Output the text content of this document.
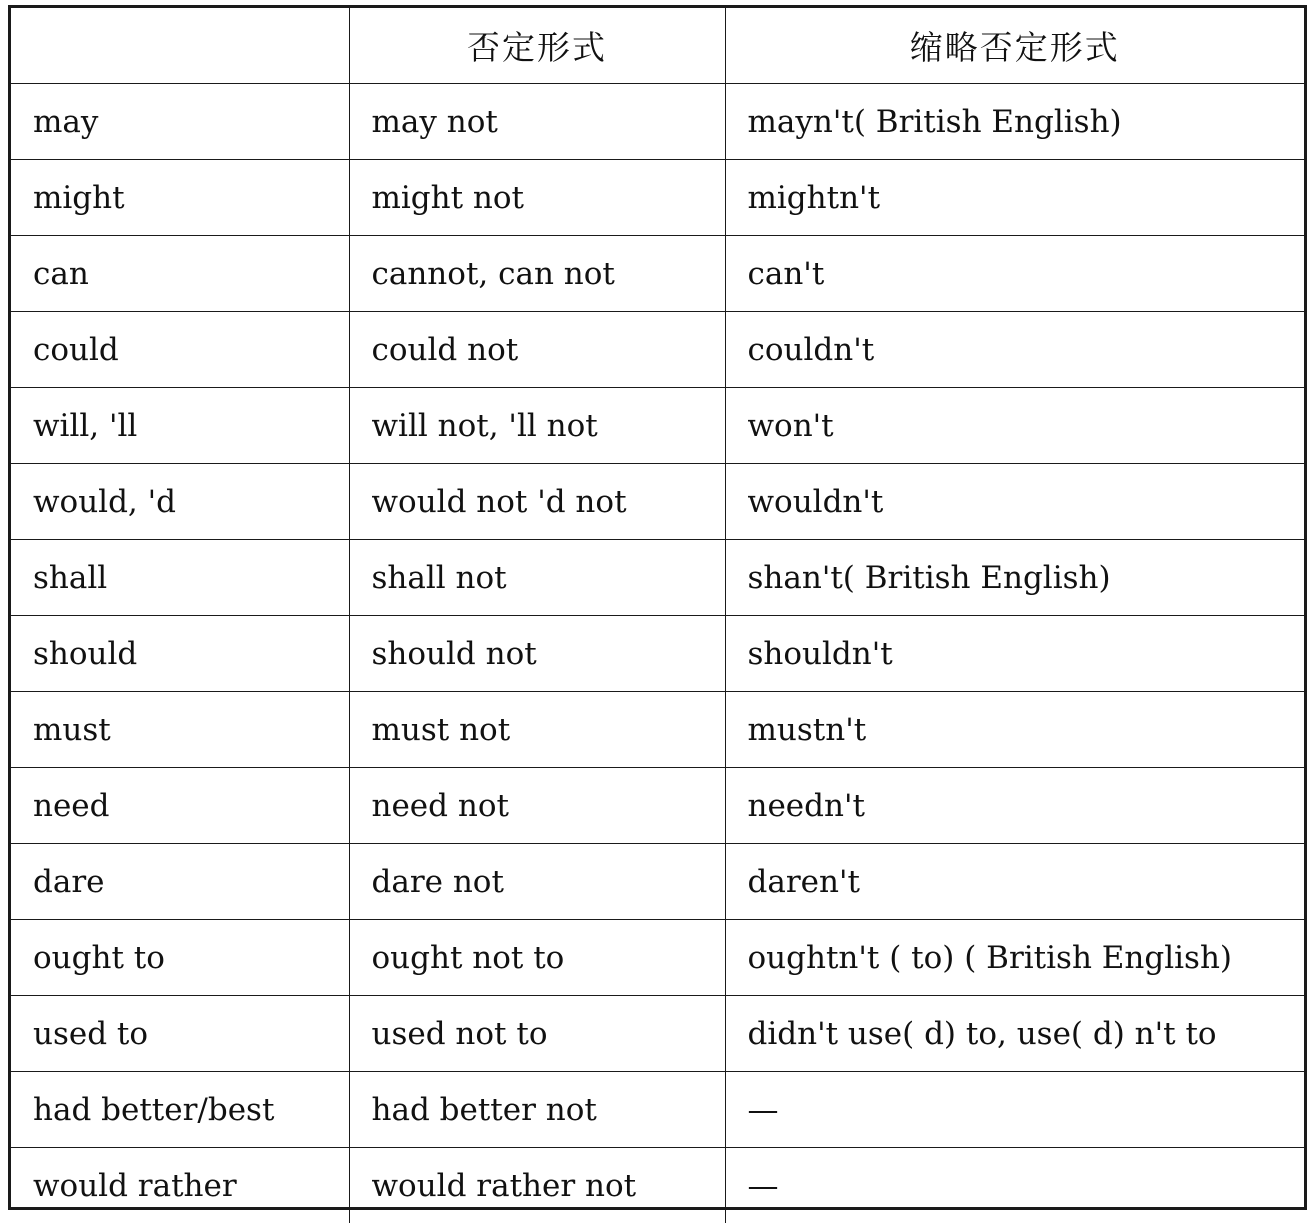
	否定形式	缩略否定形式
may	may not	mayn't( British English)
might	might not	mightn't
can	cannot, can not	can't
could	could not	couldn't
will, 'll	will not, 'll not	won't
would, 'd	would not 'd not	wouldn't
shall	shall not	shan't( British English)
should	should not	shouldn't
must	must not	mustn't
need	need not	needn't
dare	dare not	daren't
ought to	ought not to	oughtn't ( to) ( British English)
used to	used not to	didn't use( d) to, use( d) n't to
had better/best	had better not	—
would rather	would rather not	—
